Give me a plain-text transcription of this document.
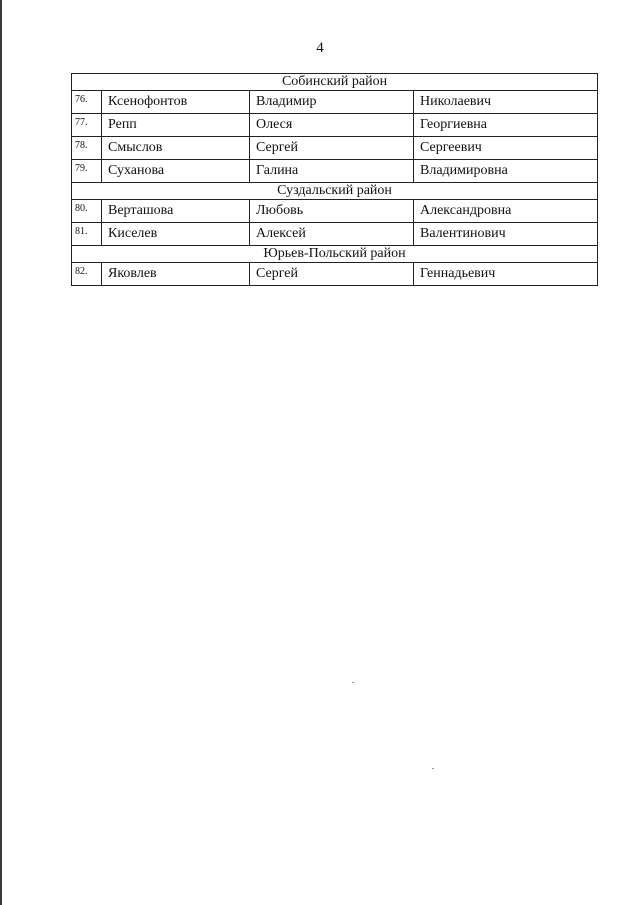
4
Собинский район			
76.	Ксенофонтов	Владимир	Николаевич
77.	Репп	Олеся	Георгиевна
78.	Смыслов	Сергей	Сергеевич
79.	Суханова	Галина	Владимировна
Суздальский район			
80.	Верташова	Любовь	Александровна
81.	Киселев	Алексей	Валентинович
Юрьев-Польский район			
82.	Яковлев	Сергей	Геннадьевич
